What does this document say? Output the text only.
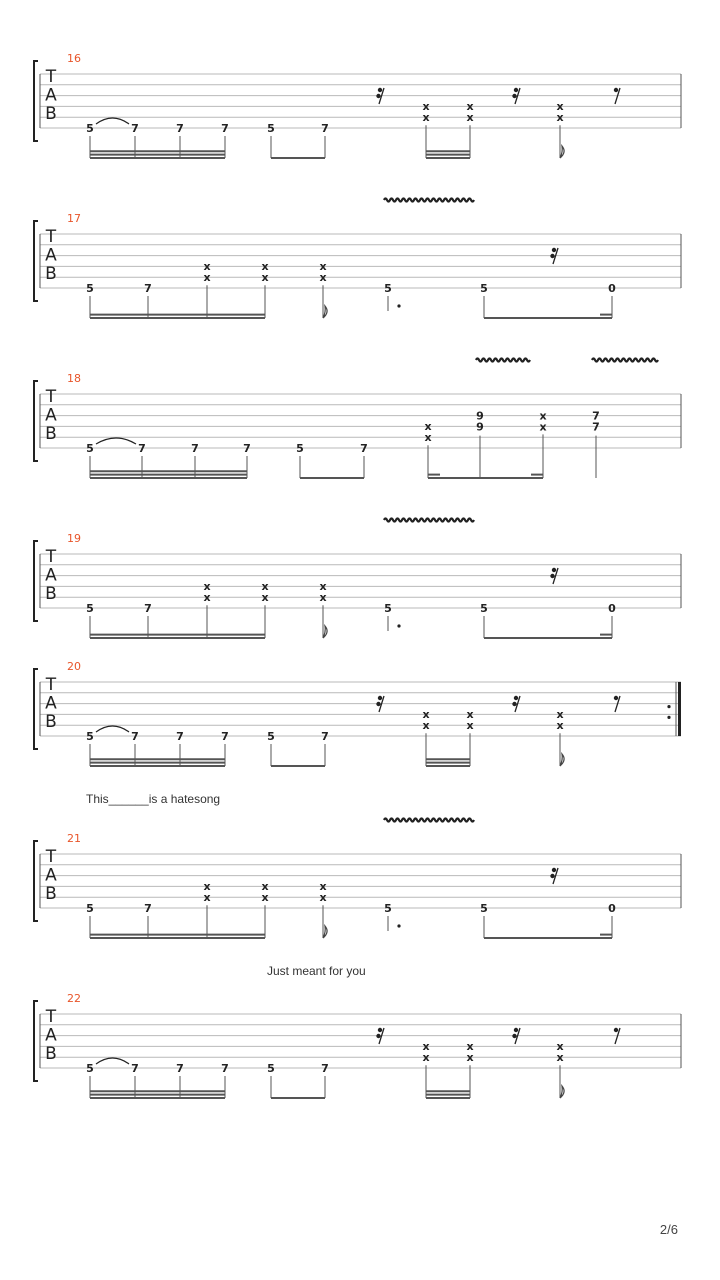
16
T
A
B
5	7	7	7	5	7
x
x
x
x
x
x
17
T
A
B
5	7
x
x
x
x
x
x
5	5	0
18
T
A
B
5	7	7	7	5	7
x
x
9
9	x
x	7
7
19
T
A
B
5	7
x
x
x
x
x
x
5	5	0
20
T
A
B
5	7	7	7	5	7
x
x
x
x
x
x
21
T
A
B
5	7
x
x
x
x
x
x
5	5	0
22
T
A
B
5	7	7	7	5	7
x
x
x
x
x
x
This______is a hatesong
Just meant for you
2/6
